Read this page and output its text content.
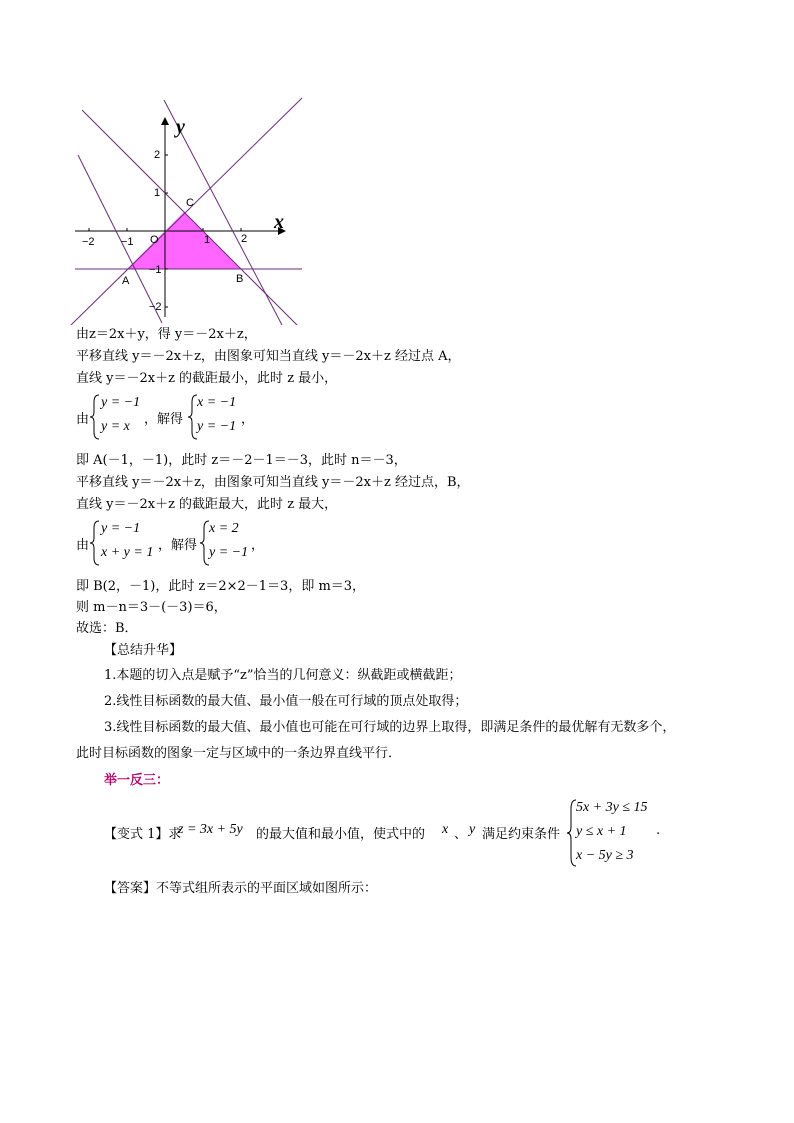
−2 −1	1	2
2
1
−1
−2
O
x
y
C
A	B
由z＝2x＋y，得 y＝－2x＋z，
平移直线 y＝－2x＋z，由图象可知当直线 y＝－2x＋z 经过点 A，
直线 y＝－2x＋z 的截距最小，此时 z 最小，
由
y = −1
y = x ，解得
x = −1
y = −1 ，
即 A(－1，－1)，此时 z＝－2－1＝－3，此时 n＝－3，
平移直线 y＝－2x＋z，由图象可知当直线 y＝－2x＋z 经过点，B，
直线 y＝－2x＋z 的截距最大，此时 z 最大，
由
y = −1
x + y = 1 ，解得
x = 2
y = −1 ，
即 B(2，－1)，此时 z＝2×2－1＝3，即 m＝3，
则 m－n＝3－(－3)＝6，
故选：B．
【总结升华】
1.本题的切入点是赋予“z”恰当的几何意义：纵截距或横截距；
2.线性目标函数的最大值、最小值一般在可行域的顶点处取得；
3.线性目标函数的最大值、最小值也可能在可行域的边界上取得，即满足条件的最优解有无数多个，
此时目标函数的图象一定与区域中的一条边界直线平行．
举一反三：
【变式 1】求
z = 3x + 5y 的最大值和最小值，使式中的 x 、 y 满足约束条件
5x + 3y ≤ 15
y ≤ x + 1
x − 5y ≥ 3
.
【答案】不等式组所表示的平面区域如图所示：
